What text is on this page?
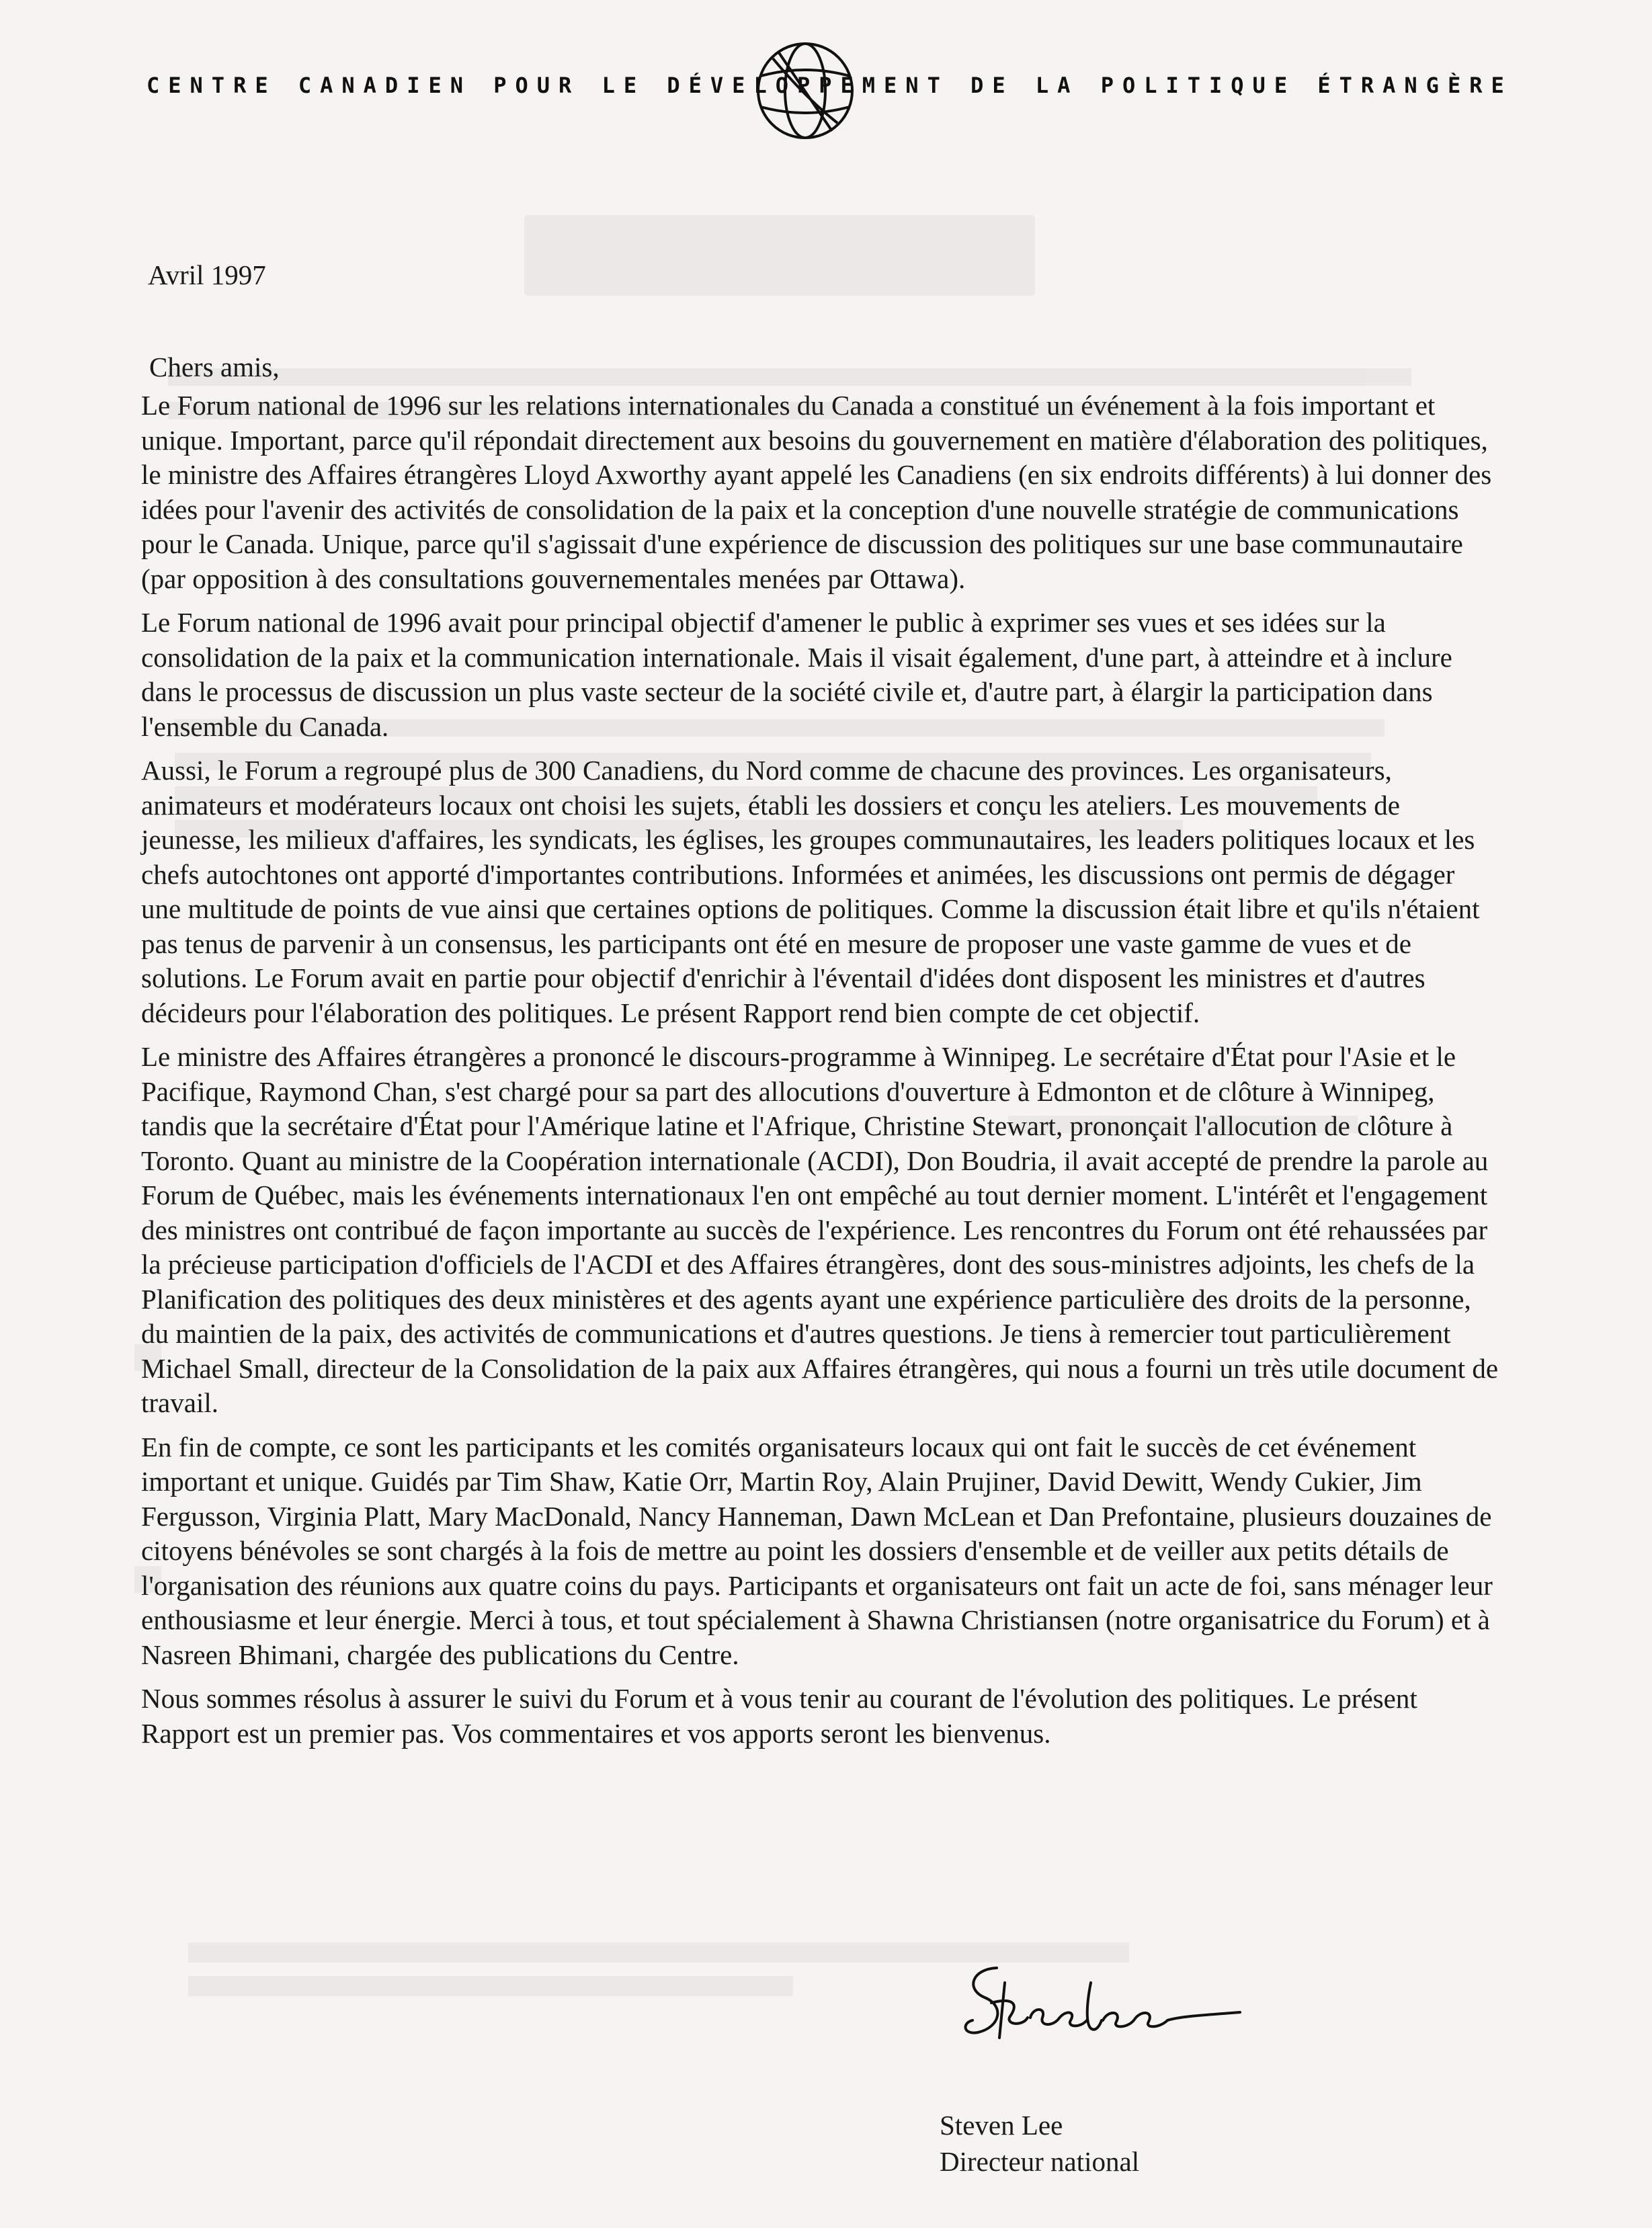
CENTRE CANADIEN POUR LE DÉVELOPPEMENT DE LA POLITIQUE ÉTRANGÈRE
Avril 1997
Chers amis,

Le Forum national de 1996 sur les relations internationales du Canada a constitué un événement à la fois important et unique. Important, parce qu'il répondait directement aux besoins du gouvernement en matière d'élaboration des politiques, le ministre des Affaires étrangères Lloyd Axworthy ayant appelé les Canadiens (en six endroits différents) à lui donner des idées pour l'avenir des activités de consolidation de la paix et la conception d'une nouvelle stratégie de communications pour le Canada. Unique, parce qu'il s'agissait d'une expérience de discussion des politiques sur une base communautaire (par opposition à des consultations gouvernementales menées par Ottawa).

Le Forum national de 1996 avait pour principal objectif d'amener le public à exprimer ses vues et ses idées sur la consolidation de la paix et la communication internationale. Mais il visait également, d'une part, à atteindre et à inclure dans le processus de discussion un plus vaste secteur de la société civile et, d'autre part, à élargir la participation dans l'ensemble du Canada.

Aussi, le Forum a regroupé plus de 300 Canadiens, du Nord comme de chacune des provinces. Les organisateurs, animateurs et modérateurs locaux ont choisi les sujets, établi les dossiers et conçu les ateliers. Les mouvements de jeunesse, les milieux d'affaires, les syndicats, les églises, les groupes communautaires, les leaders politiques locaux et les chefs autochtones ont apporté d'importantes contributions. Informées et animées, les discussions ont permis de dégager une multitude de points de vue ainsi que certaines options de politiques. Comme la discussion était libre et qu'ils n'étaient pas tenus de parvenir à un consensus, les participants ont été en mesure de proposer une vaste gamme de vues et de solutions. Le Forum avait en partie pour objectif d'enrichir à l'éventail d'idées dont disposent les ministres et d'autres décideurs pour l'élaboration des politiques. Le présent Rapport rend bien compte de cet objectif.

Le ministre des Affaires étrangères a prononcé le discours-programme à Winnipeg. Le secrétaire d'État pour l'Asie et le Pacifique, Raymond Chan, s'est chargé pour sa part des allocutions d'ouverture à Edmonton et de clôture à Winnipeg, tandis que la secrétaire d'État pour l'Amérique latine et l'Afrique, Christine Stewart, prononçait l'allocution de clôture à Toronto. Quant au ministre de la Coopération internationale (ACDI), Don Boudria, il avait accepté de prendre la parole au Forum de Québec, mais les événements internationaux l'en ont empêché au tout dernier moment. L'intérêt et l'engagement des ministres ont contribué de façon importante au succès de l'expérience. Les rencontres du Forum ont été rehaussées par la précieuse participation d'officiels de l'ACDI et des Affaires étrangères, dont des sous-ministres adjoints, les chefs de la Planification des politiques des deux ministères et des agents ayant une expérience particulière des droits de la personne, du maintien de la paix, des activités de communications et d'autres questions. Je tiens à remercier tout particulièrement Michael Small, directeur de la Consolidation de la paix aux Affaires étrangères, qui nous a fourni un très utile document de travail.

En fin de compte, ce sont les participants et les comités organisateurs locaux qui ont fait le succès de cet événement important et unique. Guidés par Tim Shaw, Katie Orr, Martin Roy, Alain Prujiner, David Dewitt, Wendy Cukier, Jim Fergusson, Virginia Platt, Mary MacDonald, Nancy Hanneman, Dawn McLean et Dan Prefontaine, plusieurs douzaines de citoyens bénévoles se sont chargés à la fois de mettre au point les dossiers d'ensemble et de veiller aux petits détails de l'organisation des réunions aux quatre coins du pays. Participants et organisateurs ont fait un acte de foi, sans ménager leur enthousiasme et leur énergie. Merci à tous, et tout spécialement à Shawna Christiansen (notre organisatrice du Forum) et à Nasreen Bhimani, chargée des publications du Centre.

Nous sommes résolus à assurer le suivi du Forum et à vous tenir au courant de l'évolution des politiques. Le présent Rapport est un premier pas. Vos commentaires et vos apports seront les bienvenus.

Steven Lee
Directeur national
